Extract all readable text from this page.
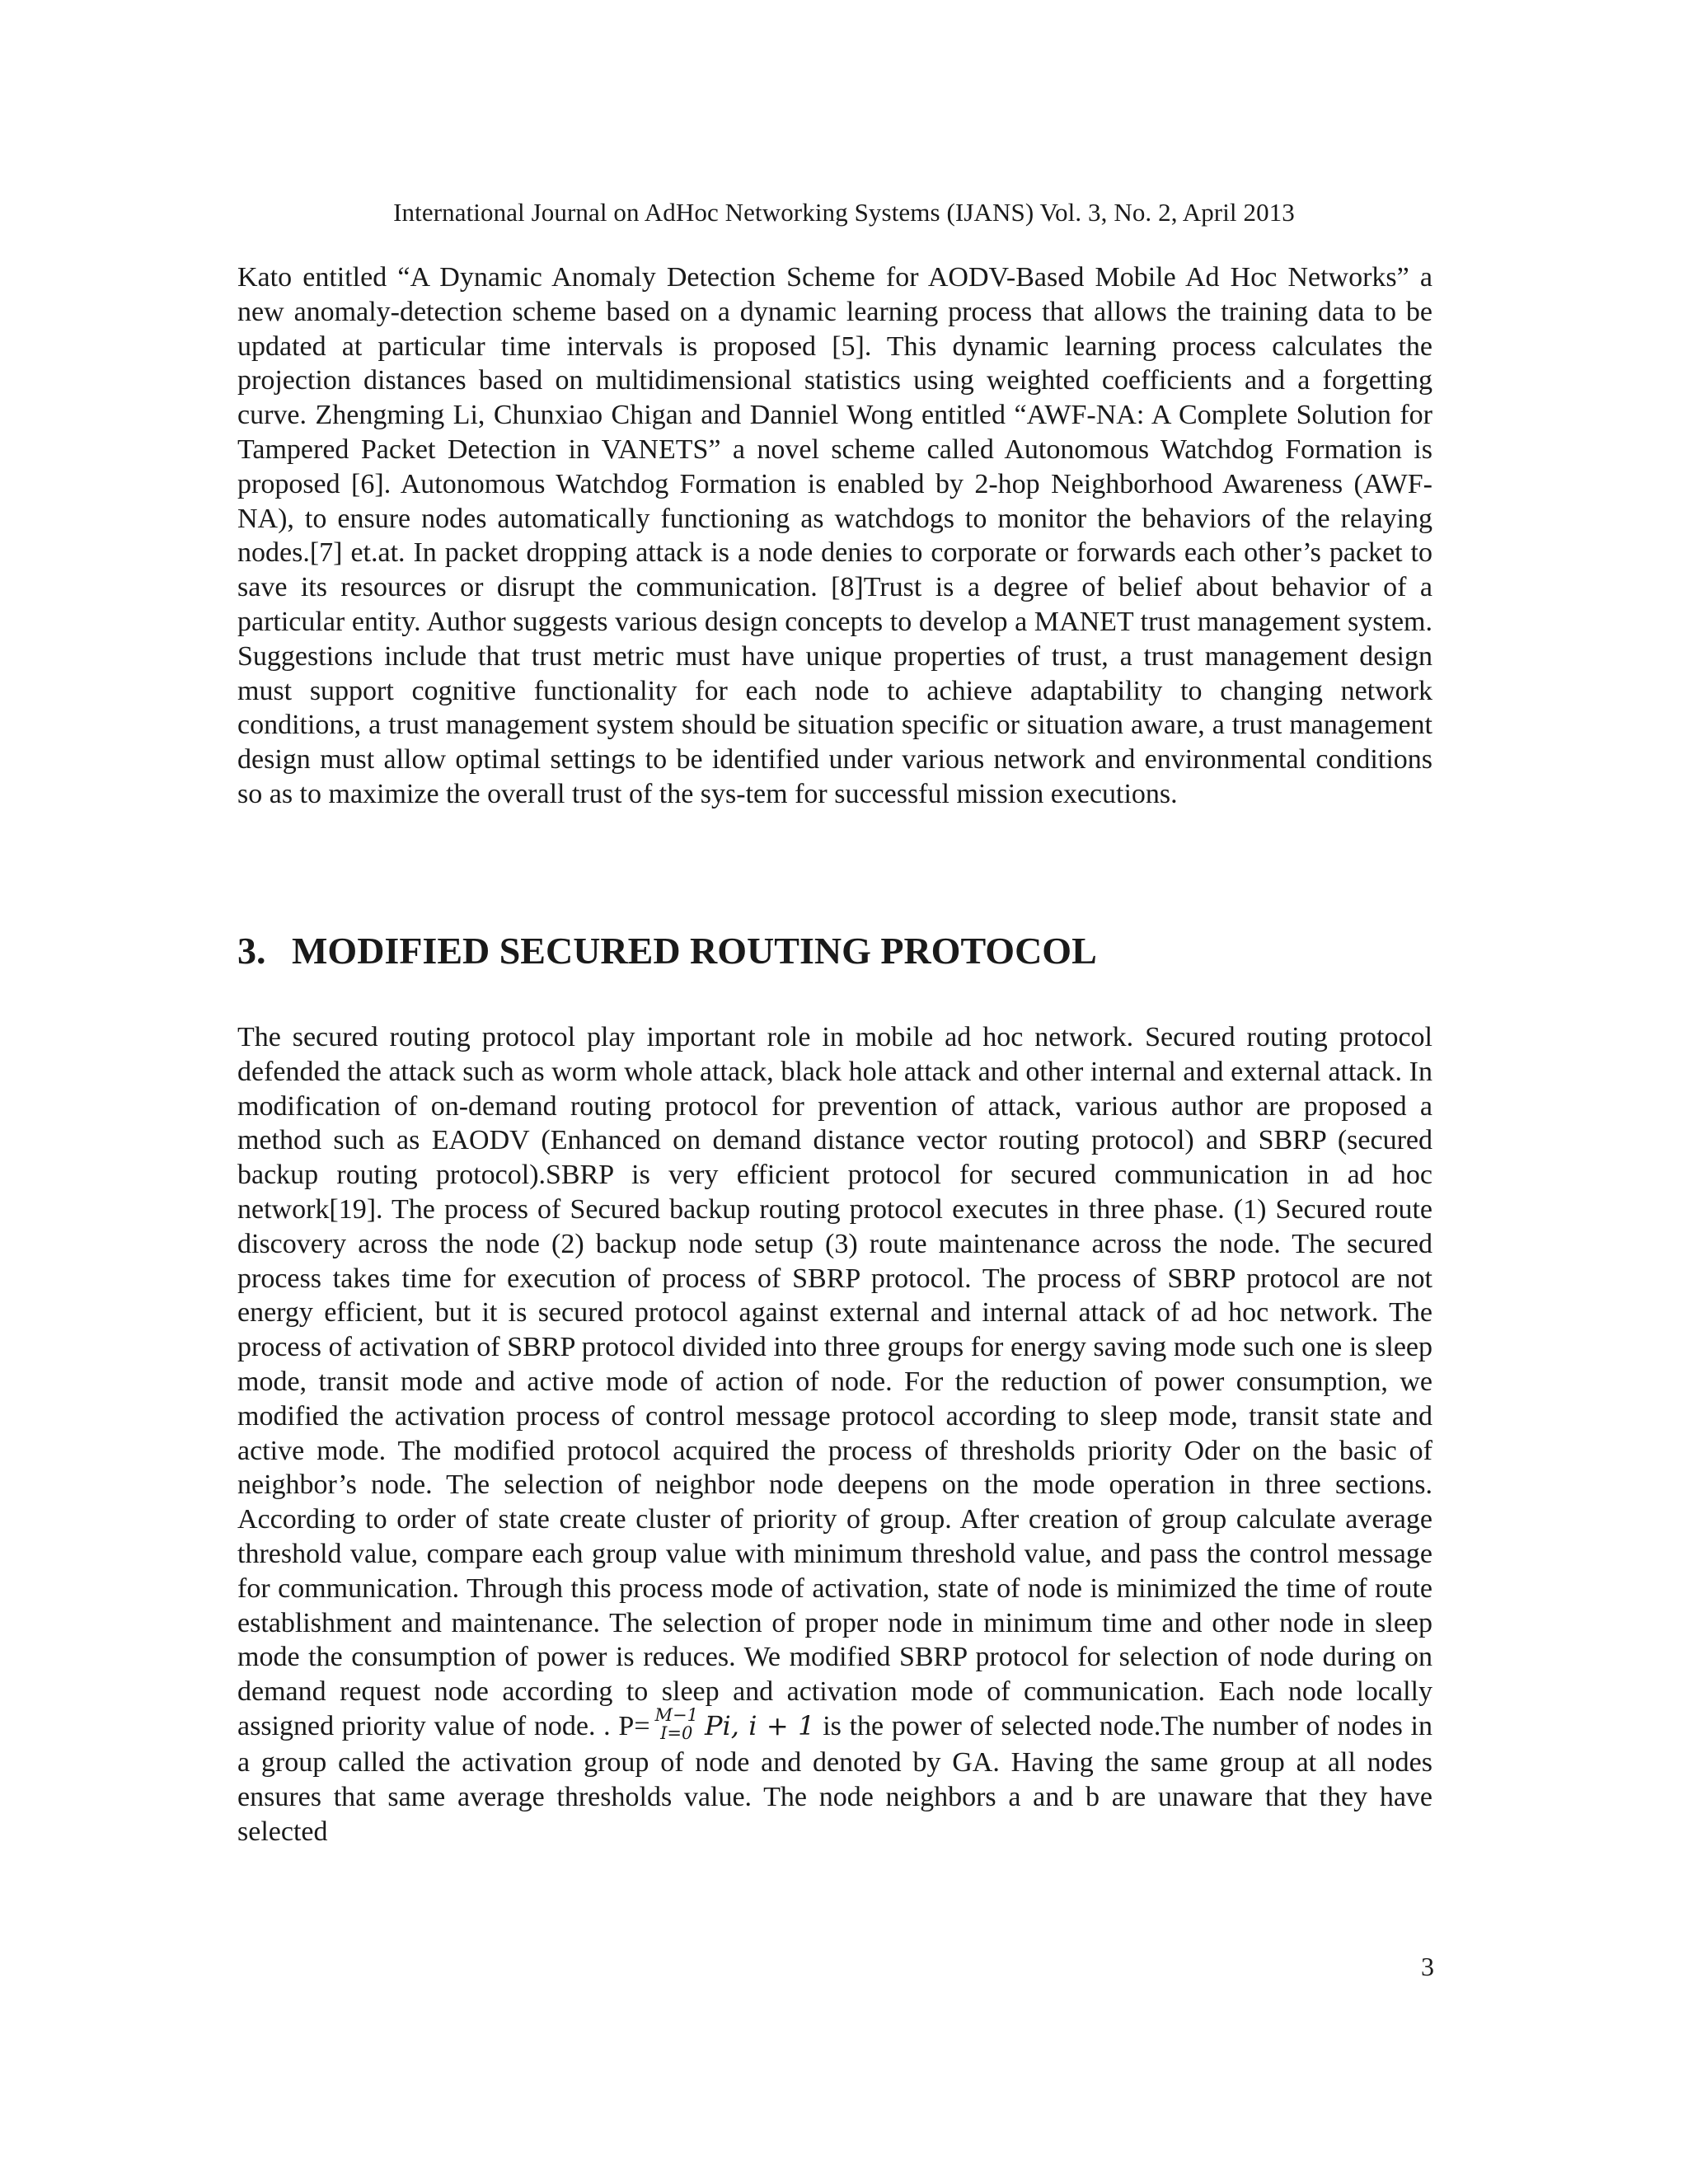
International Journal on AdHoc Networking Systems (IJANS) Vol. 3, No. 2, April 2013

Kato entitled “A Dynamic Anomaly Detection Scheme for AODV-Based Mobile Ad Hoc Networks” a new anomaly-detection scheme based on a dynamic learning process that allows the training data to be updated at particular time intervals is proposed [5]. This dynamic learning process calculates the projection distances based on multidimensional statistics using weighted coefficients and a forgetting curve. Zhengming Li, Chunxiao Chigan and Danniel Wong entitled “AWF-NA: A Complete Solution for Tampered Packet Detection in VANETS” a novel scheme called Autonomous Watchdog Formation is proposed [6]. Autonomous Watchdog Formation is enabled by 2-hop Neighborhood Awareness (AWF-NA), to ensure nodes automatically functioning as watchdogs to monitor the behaviors of the relaying nodes.[7] et.at. In packet dropping attack is a node denies to corporate or forwards each other’s packet to save its resources or disrupt the communication. [8]Trust is a degree of belief about behavior of a particular entity. Author suggests various design concepts to develop a MANET trust management system. Suggestions include that trust metric must have unique properties of trust, a trust management design must support cognitive functionality for each node to achieve adaptability to changing network conditions, a trust management system should be situation specific or situation aware, a trust management design must allow optimal settings to be identified under various network and environmental conditions so as to maximize the overall trust of the sys-tem for successful mission executions.

3. MODIFIED SECURED ROUTING PROTOCOL

The secured routing protocol play important role in mobile ad hoc network. Secured routing protocol defended the attack such as worm whole attack, black hole attack and other internal and external attack. In modification of on-demand routing protocol for prevention of attack, various author are proposed a method such as EAODV (Enhanced on demand distance vector routing protocol) and SBRP (secured backup routing protocol).SBRP is very efficient protocol for secured communication in ad hoc network[19]. The process of Secured backup routing protocol executes in three phase. (1) Secured route discovery across the node (2) backup node setup (3) route maintenance across the node. The secured process takes time for execution of process of SBRP protocol. The process of SBRP protocol are not energy efficient, but it is secured protocol against external and internal attack of ad hoc network. The process of activation of SBRP protocol divided into three groups for energy saving mode such one is sleep mode, transit mode and active mode of action of node. For the reduction of power consumption, we modified the activation process of control message protocol according to sleep mode, transit state and active mode. The modified protocol acquired the process of thresholds priority Oder on the basic of neighbor’s node. The selection of neighbor node deepens on the mode operation in three sections. According to order of state create cluster of priority of group. After creation of group calculate average threshold value, compare each group value with minimum threshold value, and pass the control message for communication. Through this process mode of activation, state of node is minimized the time of route establishment and maintenance. The selection of proper node in minimum time and other node in sleep mode the consumption of power is reduces. We modified SBRP protocol for selection of node during on demand request node according to sleep and activation mode of communication. Each node locally assigned priority value of node. . P= M−1
I=0 Pi, i + 1 is the power of selected node.The number of nodes in a group called the activation group of node and denoted by GA. Having the same group at all nodes ensures that same average thresholds value. The node neighbors a and b are unaware that they have selected

3
